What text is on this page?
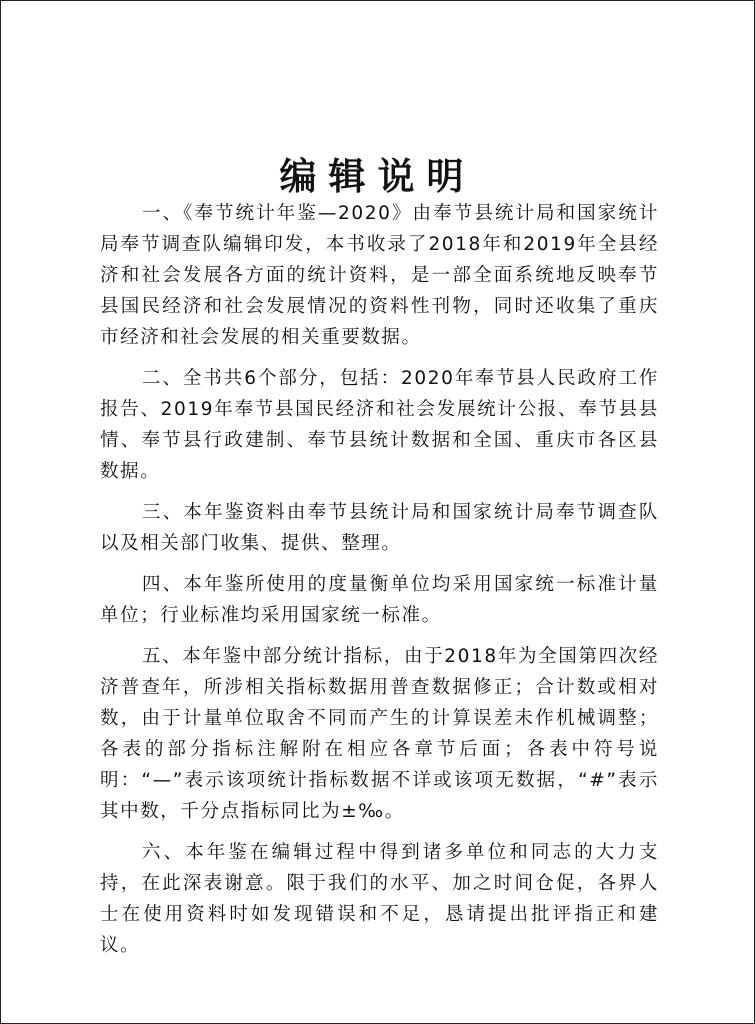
编辑说明

一、《奉节统计年鉴—2020》由奉节县统计局和国家统计局奉节调查队编辑印发，本书收录了2018年和2019年全县经济和社会发展各方面的统计资料，是一部全面系统地反映奉节县国民经济和社会发展情况的资料性刊物，同时还收集了重庆市经济和社会发展的相关重要数据。

二、全书共6个部分，包括：2020年奉节县人民政府工作报告、2019年奉节县国民经济和社会发展统计公报、奉节县县情、奉节县行政建制、奉节县统计数据和全国、重庆市各区县数据。

三、本年鉴资料由奉节县统计局和国家统计局奉节调查队以及相关部门收集、提供、整理。

四、本年鉴所使用的度量衡单位均采用国家统一标准计量单位；行业标准均采用国家统一标准。

五、本年鉴中部分统计指标，由于2018年为全国第四次经济普查年，所涉相关指标数据用普查数据修正；合计数或相对数，由于计量单位取舍不同而产生的计算误差未作机械调整；各表的部分指标注解附在相应各章节后面；各表中符号说明：“—”表示该项统计指标数据不详或该项无数据，“#”表示其中数，千分点指标同比为±‰。

六、本年鉴在编辑过程中得到诸多单位和同志的大力支持，在此深表谢意。限于我们的水平、加之时间仓促，各界人士在使用资料时如发现错误和不足，恳请提出批评指正和建议。
